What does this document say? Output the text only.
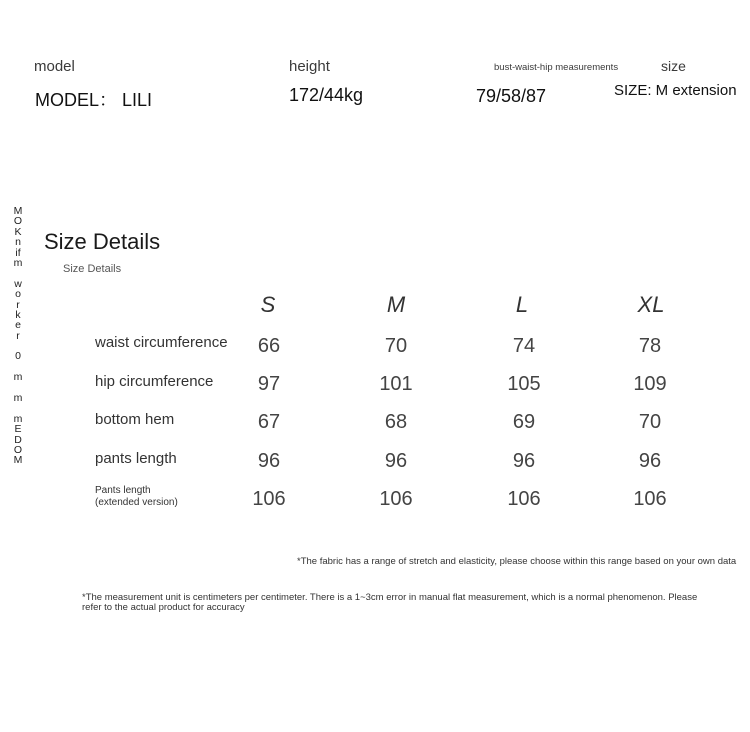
model	height	bust-waist-hip measurements	size
MODEL： LILI	172/44kg	79/58/87	SIZE: M extension
M
O
K
n
if
m
w
o
r
k
e
r
0
m
m
m
E
D
O
M
Size Details
Size Details
S	M	L	XL
waist circumference	66	70	74	78
hip circumference	97	101	105	109
bottom hem	67	68	69	70
pants length	96	96	96	96
Pants length
(extended version)	106	106	106	106
*The fabric has a range of stretch and elasticity, please choose within this range based on your own data
*The measurement unit is centimeters per centimeter. There is a 1~3cm error in manual flat measurement, which is a normal phenomenon. Please refer to the actual product for accuracy
